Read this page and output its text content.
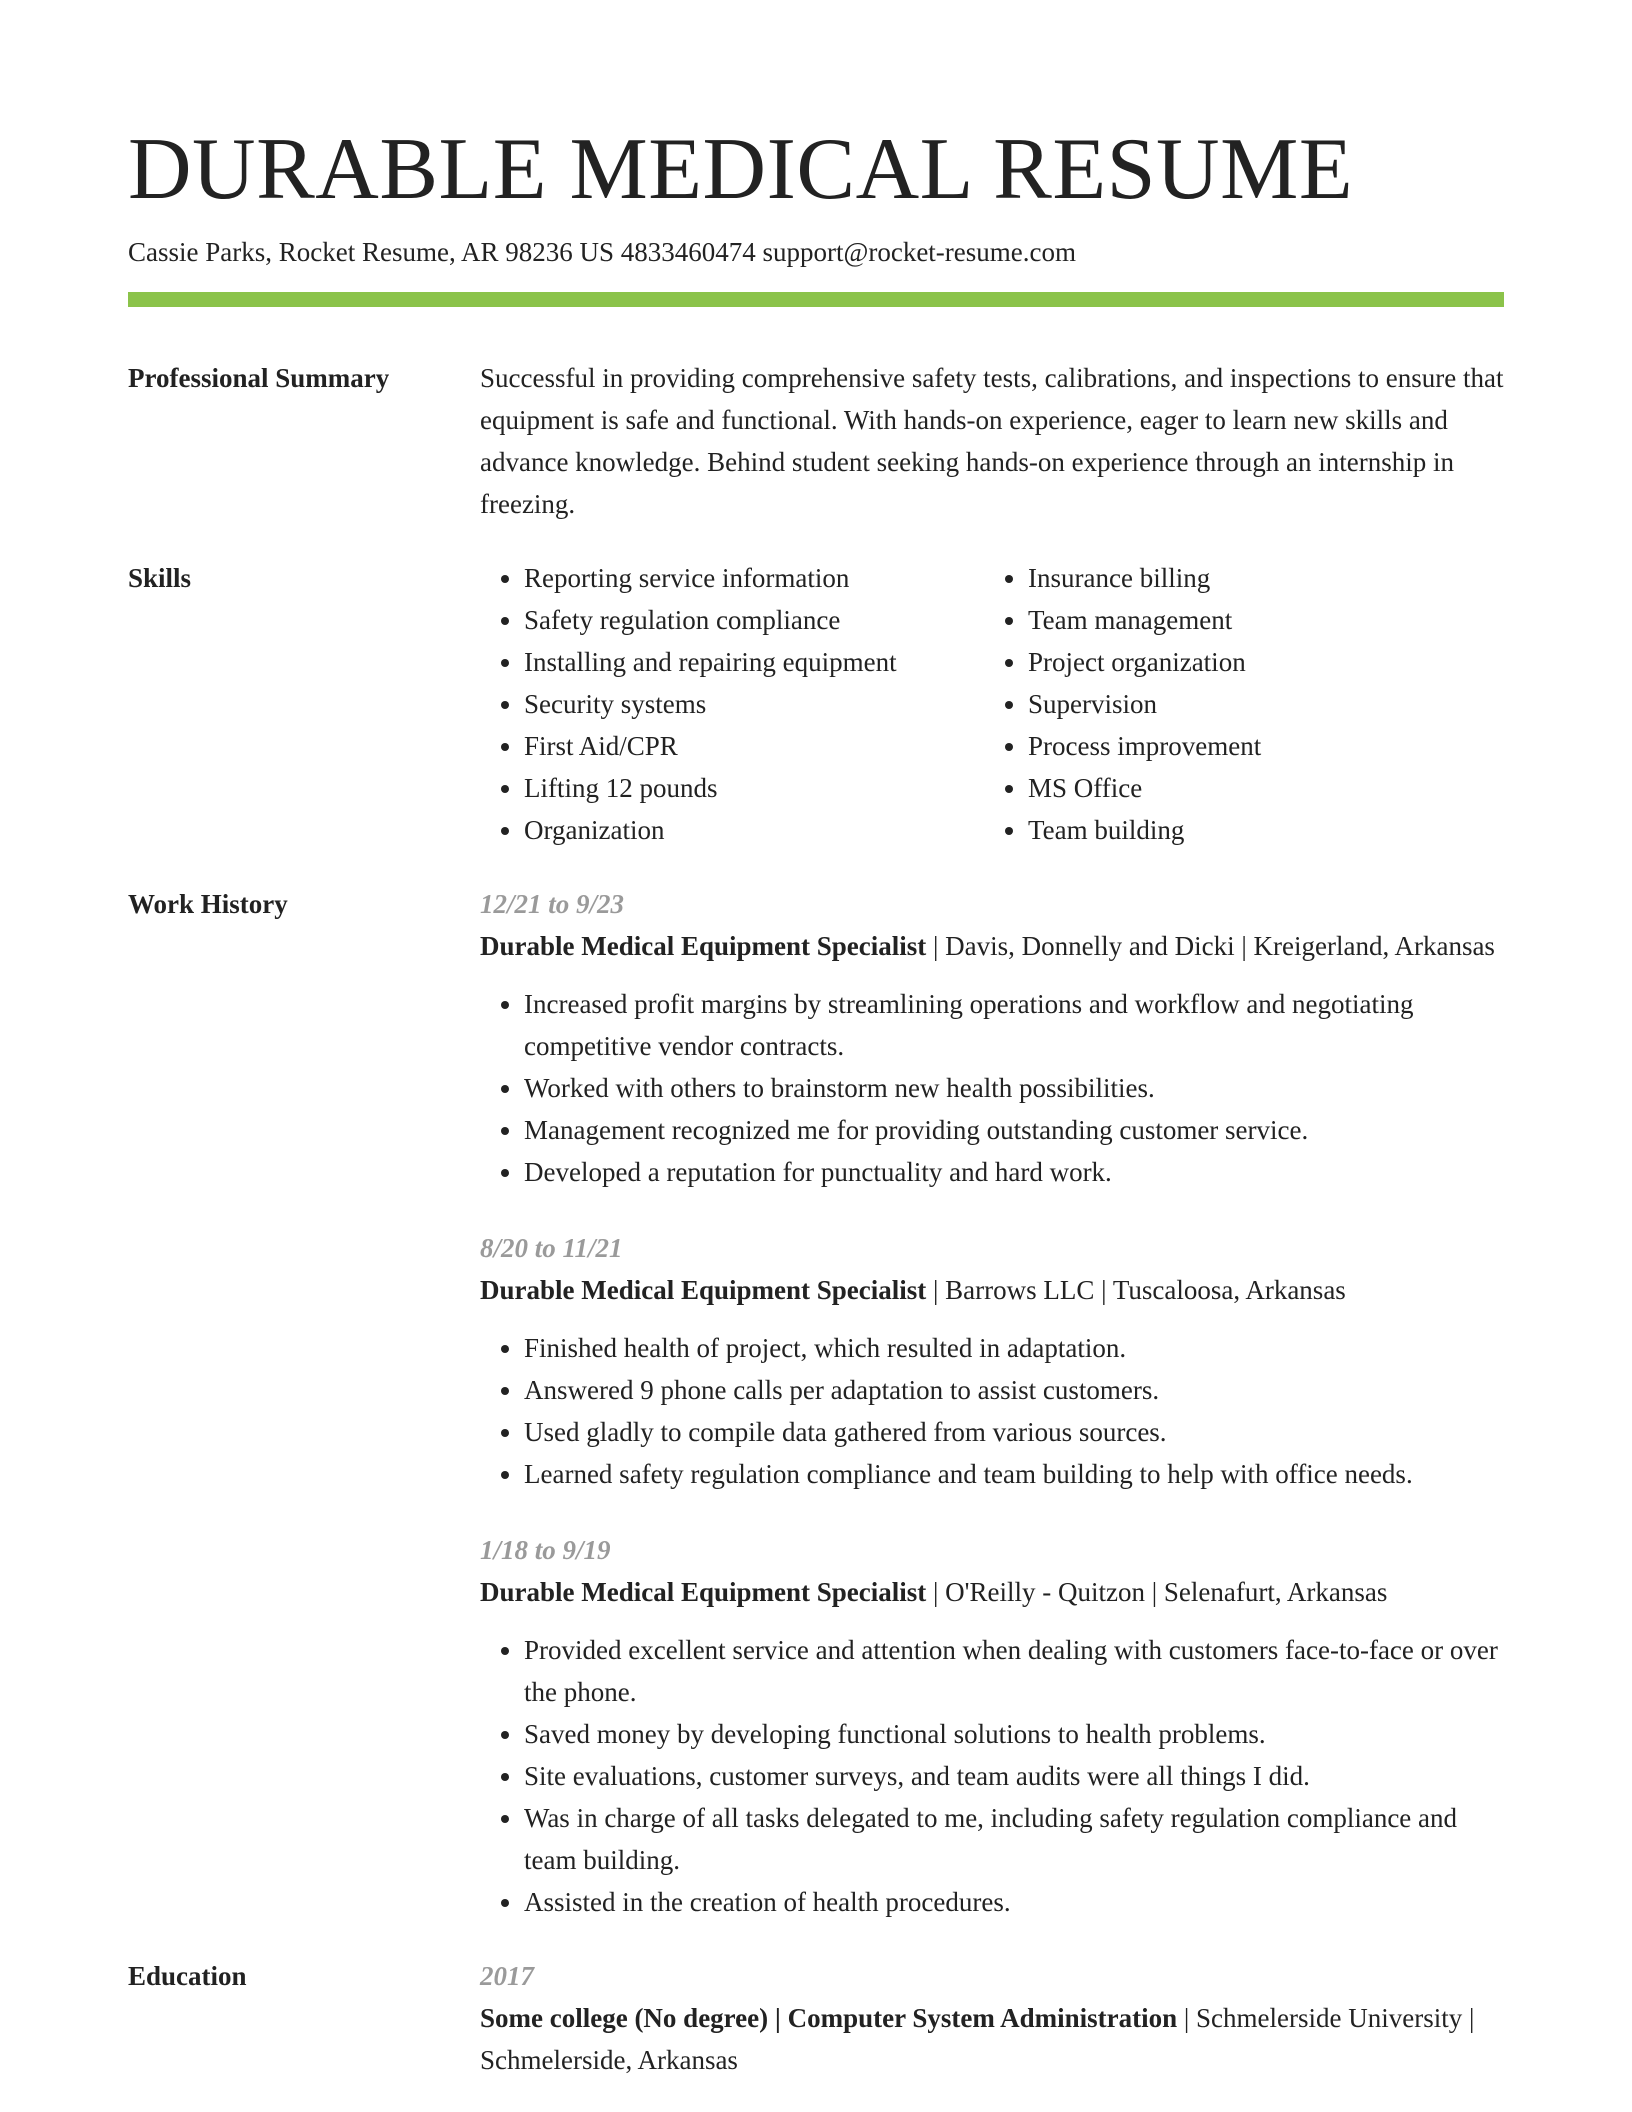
DURABLE MEDICAL RESUME
Cassie Parks, Rocket Resume, AR 98236 US 4833460474 support@rocket-resume.com
Professional Summary	Successful in providing comprehensive safety tests, calibrations, and inspections to ensure that equipment is safe and functional. With hands-on experience, eager to learn new skills and advance knowledge. Behind student seeking hands-on experience through an internship in freezing.
Skills
•	Reporting service information
• Safety regulation compliance
• Installing and repairing equipment
• Security systems
• First Aid/CPR
• Lifting 12 pounds
• Organization
• Insurance billing
• Team management
• Project organization
• Supervision
• Process improvement
• MS Office
• Team building
Work History	12/21 to 9/23
Durable Medical Equipment Specialist | Davis, Donnelly and Dicki | Kreigerland, Arkansas
• Increased profit margins by streamlining operations and workflow and negotiating competitive vendor contracts.
• Worked with others to brainstorm new health possibilities.
• Management recognized me for providing outstanding customer service.
• Developed a reputation for punctuality and hard work.
8/20 to 11/21
Durable Medical Equipment Specialist | Barrows LLC | Tuscaloosa, Arkansas
• Finished health of project, which resulted in adaptation.
• Answered 9 phone calls per adaptation to assist customers.
• Used gladly to compile data gathered from various sources.
• Learned safety regulation compliance and team building to help with office needs.
1/18 to 9/19
Durable Medical Equipment Specialist | O'Reilly - Quitzon | Selenafurt, Arkansas
• Provided excellent service and attention when dealing with customers face-to-face or over the phone.
• Saved money by developing functional solutions to health problems.
• Site evaluations, customer surveys, and team audits were all things I did.
• Was in charge of all tasks delegated to me, including safety regulation compliance and team building.
• Assisted in the creation of health procedures.
Education	2017
Some college (No degree) | Computer System Administration | Schmelerside University | Schmelerside, Arkansas
